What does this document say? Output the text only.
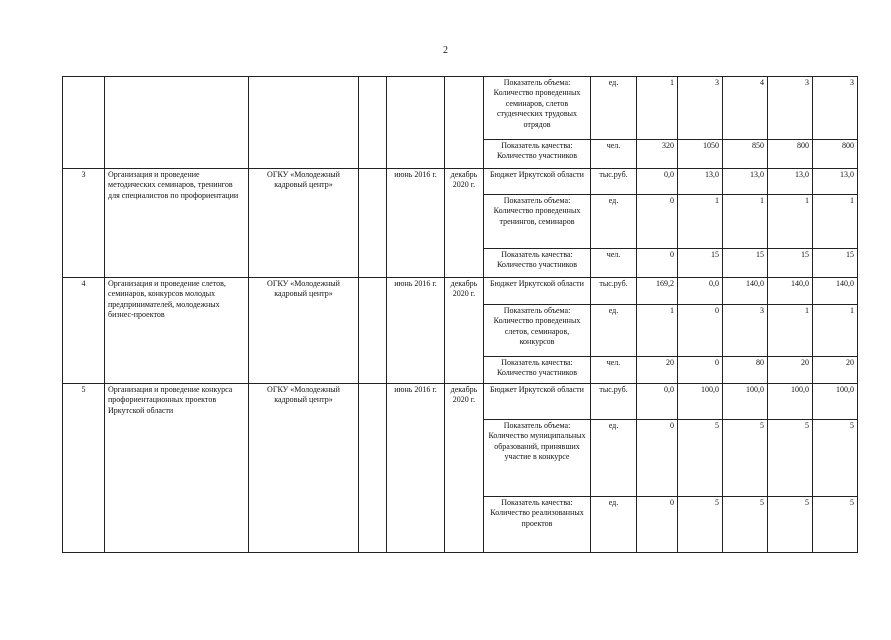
2
						Показатель объема: Количество проведенных семинаров, слетов студенческих трудовых отрядов	ед.	1	3	4	3	3
						Показатель качества: Количество участников	чел.	320	1050	850	800	800
3	Организация и проведение методических семинаров, тренингов для специалистов по профориентации	ОГКУ «Молодежный кадровый центр»		июнь 2016 г.	декабрь 2020 г.	Бюджет Иркутской области	тыс.руб.	0,0	13,0	13,0	13,0	13,0
						Показатель объема: Количество проведенных тренингов, семинаров	ед.	0	1	1	1	1
						Показатель качества: Количество участников	чел.	0	15	15	15	15
4	Организация и проведение слетов, семинаров, конкурсов молодых предпринимателей, молодежных бизнес-проектов	ОГКУ «Молодежный кадровый центр»		июнь 2016 г.	декабрь 2020 г.	Бюджет Иркутской области	тыс.руб.	169,2	0,0	140,0	140,0	140,0
						Показатель объема: Количество проведенных слетов, семинаров, конкурсов	ед.	1	0	3	1	1
						Показатель качества: Количество участников	чел.	20	0	80	20	20
5	Организация и проведение конкурса профориентационных проектов Иркутской области	ОГКУ «Молодежный кадровый центр»		июнь 2016 г.	декабрь 2020 г.	Бюджет Иркутской области	тыс.руб.	0,0	100,0	100,0	100,0	100,0
						Показатель объема: Количество муниципальных образований, принявших участие в конкурсе	ед.	0	5	5	5	5
						Показатель качества: Количество реализованных проектов	ед.	0	5	5	5	5
